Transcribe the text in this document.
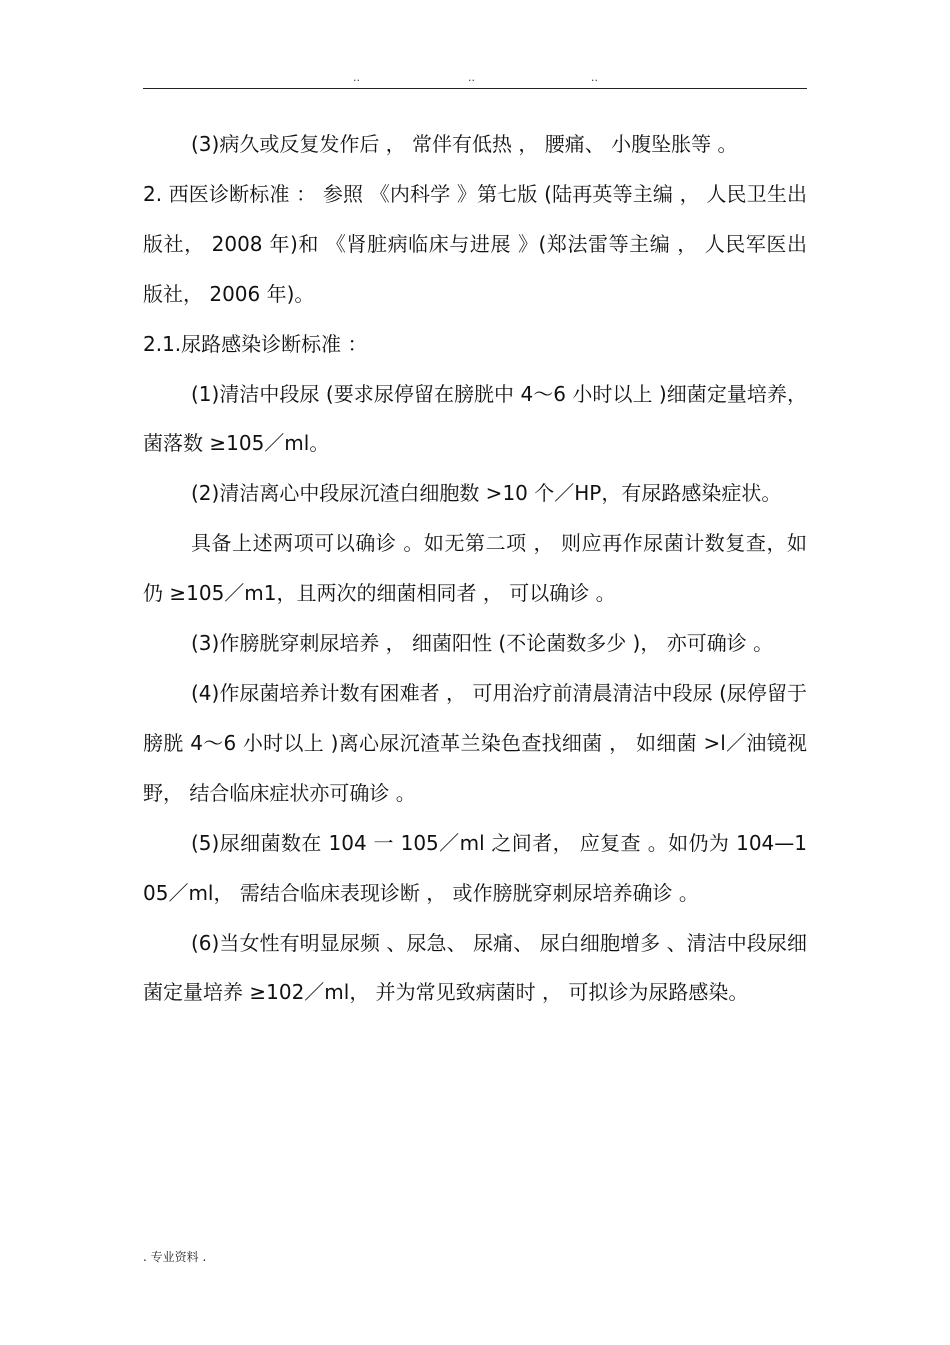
..	..	..

(3)病久或反复发作后 ， 常伴有低热 ， 腰痛、 小腹坠胀等 。

2. 西医诊断标准 ： 参照 《内科学 》第七版 (陆再英等主编 ， 人民卫生出版社， 2008 年)和 《肾脏病临床与进展 》(郑法雷等主编 ， 人民军医出版社， 2006 年)。

2.1.尿路感染诊断标准 ：

(1)清洁中段尿 (要求尿停留在膀胱中 4～6 小时以上 )细菌定量培养， 菌落数 ≥105／ml。

(2)清洁离心中段尿沉渣白细胞数 >10 个／HP，有尿路感染症状。

具备上述两项可以确诊 。如无第二项 ， 则应再作尿菌计数复查，如仍 ≥105／m1，且两次的细菌相同者 ， 可以确诊 。

(3)作膀胱穿刺尿培养 ， 细菌阳性 (不论菌数多少 )， 亦可确诊 。

(4)作尿菌培养计数有困难者 ， 可用治疗前清晨清洁中段尿 (尿停留于膀胱 4～6 小时以上 )离心尿沉渣革兰染色查找细菌 ， 如细菌 >l／油镜视野， 结合临床症状亦可确诊 。

(5)尿细菌数在 104 一 105／ml 之间者， 应复查 。如仍为 104—105／ml， 需结合临床表现诊断 ， 或作膀胱穿刺尿培养确诊 。

(6)当女性有明显尿频 、尿急、 尿痛、 尿白细胞增多 、清洁中段尿细菌定量培养 ≥102／ml， 并为常见致病菌时 ， 可拟诊为尿路感染。

. 专业资料 .
